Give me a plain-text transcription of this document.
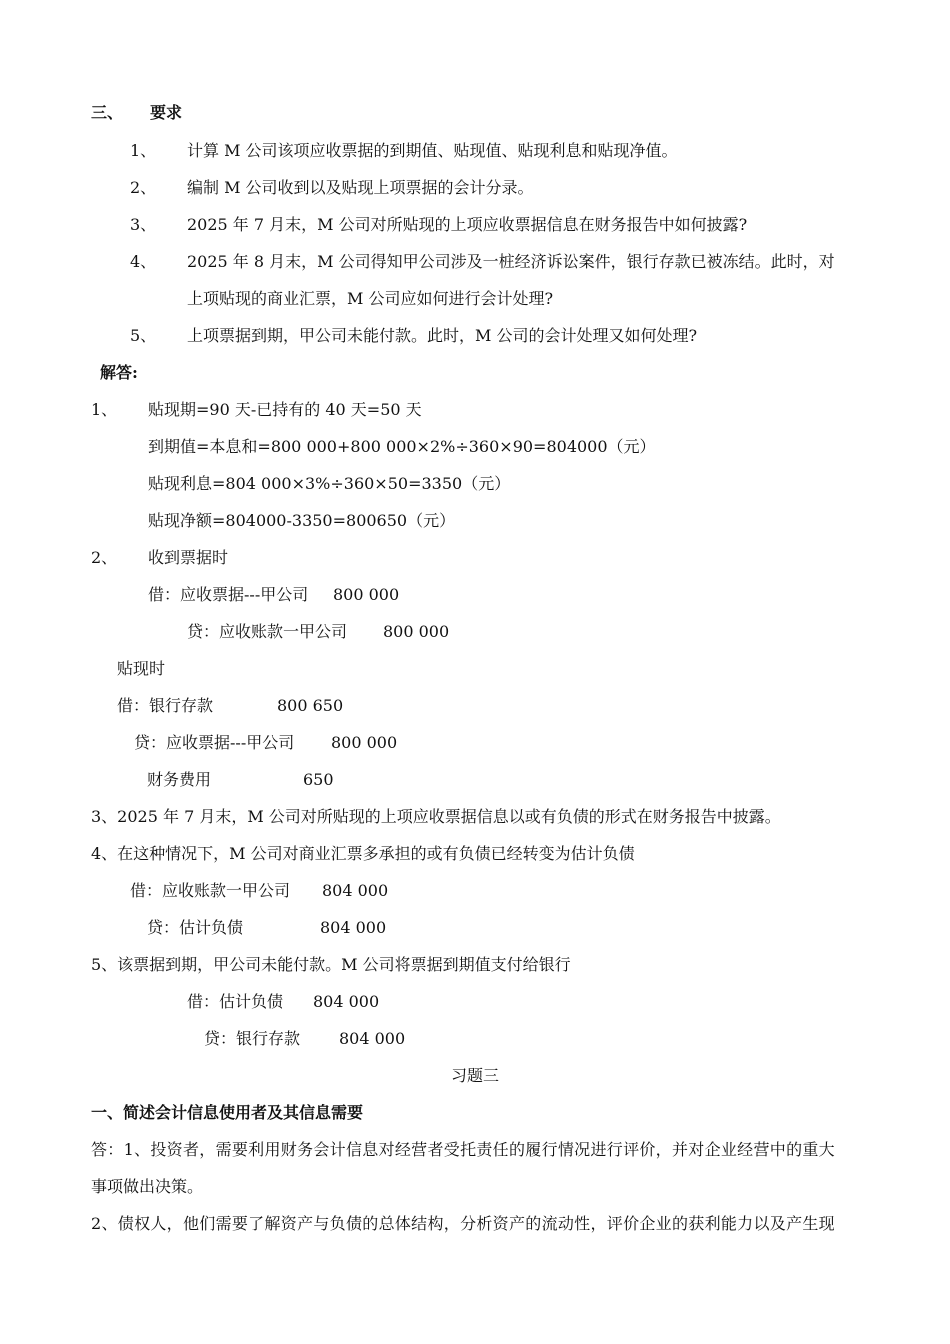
三、 要求
1、 计算 M 公司该项应收票据的到期值、贴现值、贴现利息和贴现净值。
2、 编制 M 公司收到以及贴现上项票据的会计分录。
3、 2025 年 7 月末，M 公司对所贴现的上项应收票据信息在财务报告中如何披露?
4、 2025 年 8 月末，M 公司得知甲公司涉及一桩经济诉讼案件，银行存款已被冻结。此时，对
上项贴现的商业汇票，M 公司应如何进行会计处理?
5、 上项票据到期，甲公司未能付款。此时，M 公司的会计处理又如何处理?
解答:
1、 贴现期=90 天-已持有的 40 天=50 天
到期值=本息和=800 000+800 000×2%÷360×90=804000（元）
贴现利息=804 000×3%÷360×50=3350（元）
贴现净额=804000-3350=800650（元）
2、 收到票据时
借：应收票据---甲公司 800 000
贷：应收账款一甲公司 800 000
贴现时
借：银行存款	800 650
贷：应收票据---甲公司 800 000
财务费用	650
3、2025 年 7 月末，M 公司对所贴现的上项应收票据信息以或有负债的形式在财务报告中披露。
4、在这种情况下，M 公司对商业汇票多承担的或有负债已经转变为估计负债
借：应收账款一甲公司 804 000
贷：估计负债	804 000
5、该票据到期，甲公司未能付款。M 公司将票据到期值支付给银行
借：估计负债 804 000
贷：银行存款 804 000
习题三
一、简述会计信息使用者及其信息需要
答：1、投资者，需要利用财务会计信息对经营者受托责任的履行情况进行评价，并对企业经营中的重大
事项做出决策。
2、债权人，他们需要了解资产与负债的总体结构，分析资产的流动性，评价企业的获利能力以及产生现
